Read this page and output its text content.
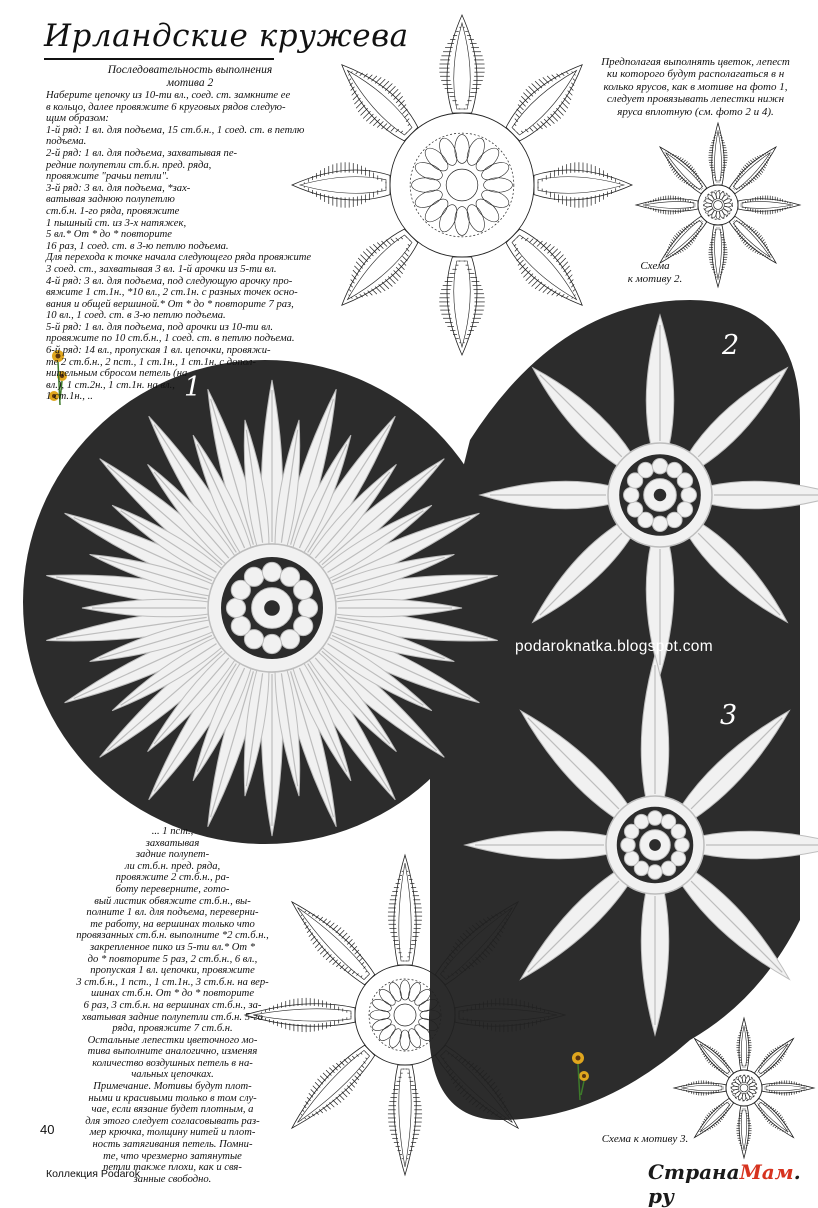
Ирландские кружева
Последовательность выполнения
мотива 2
Наберите цепочку из 10-ти вл., соед. ст. замкните ее
в кольцо, далее провяжите 6 круговых рядов следую-
щим образом:
1-й ряд: 1 вл. для подъема, 15 ст.б.н., 1 соед. ст. в петлю
подъема.
2-й ряд: 1 вл. для подъема, захватывая пе-
редние полупетли ст.б.н. пред. ряда,
провяжите "рачьи петли".
3-й ряд: 3 вл. для подъема, *зах-
ватывая заднюю полупетлю
ст.б.н. 1-го ряда, провяжите
1 пышный ст. из 3-х натяжек,
5 вл.* От * до * повторите
16 раз, 1 соед. ст. в 3-ю петлю подъема.
Для перехода к точке начала следующего ряда провяжите
3 соед. ст., захватывая 3 вл. 1-й арочки из 5-ти вл.
4-й ряд: 3 вл. для подъема, под следующую арочку про-
вяжите 1 ст.1н., *10 вл., 2 ст.1н. с разных точек осно-
вания и общей вершиной.* От * до * повторите 7 раз,
10 вл., 1 соед. ст. в 3-ю петлю подъема.
5-й ряд: 1 вл. для подъема, под арочки из 10-ти вл.
провяжите по 10 ст.б.н., 1 соед. ст. в петлю подъема.
6-й ряд: 14 вл., пропуская 1 вл. цепочки, провяжи-
те 2 ст.б.н., 2 пст., 1 ст.1н., 1 ст.1н. с допол-
нительным сбросом петель (на
вл.), 1 ст.2н., 1 ст.1н. на вл.,
1 ст.1н., ..
Предполагая выполнять цветок, лепест
ки которого будут располагаться в н
колько ярусов, как в мотиве на фото 1,
следует провязывать лепестки нижн
яруса вплотную (см. фото 2 и 4).
Схема
к мотиву 2.
1
2
3
podaroknatka.blogspot.com
... 1 пст.,
захватывая
задние полупет-
ли ст.б.н. пред. ряда,
провяжите 2 ст.б.н., ра-
боту переверните, гото-
вый листик обвяжите ст.б.н., вы-
полните 1 вл. для подъема, переверни-
те работу, на вершинах только что
провязанных ст.б.н. выполните *2 ст.б.н.,
закрепленное пико из 5-ти вл.* От *
до * повторите 5 раз, 2 ст.б.н., 6 вл.,
пропуская 1 вл. цепочки, провяжите
3 ст.б.н., 1 пст., 1 ст.1н., 3 ст.б.н. на вер-
шинах ст.б.н. От * до * повторите
6 раз, 3 ст.б.н. на вершинах ст.б.н., за-
хватывая задние полупетли ст.б.н. 5-го
ряда, провяжите 7 ст.б.н.
Остальные лепестки цветочного мо-
тива выполните аналогично, изменяя
количество воздушных петель в на-
чальных цепочках.
Примечание. Мотивы будут плот-
ными и красивыми только в том слу-
чае, если вязание будет плотным, а
для этого следует согласовывать раз-
мер крючка, толщину нитей и плот-
ность затягивания петель. Помни-
те, что чрезмерно затянутые
петли также плохи, как и свя-
занные свободно.
Схема к мотиву 3.
40
Коллекция Podarok	СтранаМам. ру
